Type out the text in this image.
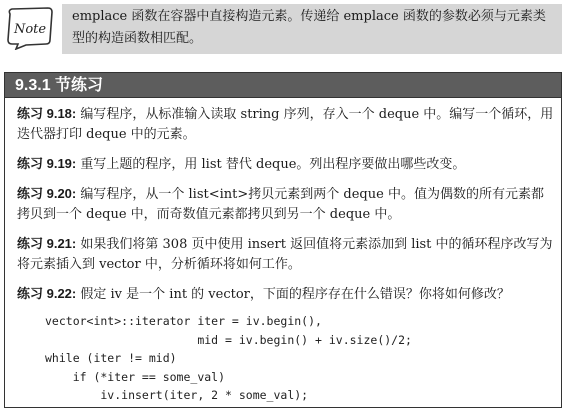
Note
emplace 函数在容器中直接构造元素。传递给 emplace 函数的参数必须与元素类型的构造函数相匹配。
9.3.1 节练习
练习 9.18: 编写程序，从标准输入读取 string 序列，存入一个 deque 中。编写一个循环，用迭代器打印 deque 中的元素。
练习 9.19: 重写上题的程序，用 list 替代 deque。列出程序要做出哪些改变。
练习 9.20: 编写程序，从一个 list<int>拷贝元素到两个 deque 中。值为偶数的所有元素都拷贝到一个 deque 中，而奇数值元素都拷贝到另一个 deque 中。
练习 9.21: 如果我们将第 308 页中使用 insert 返回值将元素添加到 list 中的循环程序改写为将元素插入到 vector 中，分析循环将如何工作。
练习 9.22: 假定 iv 是一个 int 的 vector，下面的程序存在什么错误？你将如何修改？
vector<int>::iterator iter = iv.begin(),
mid = iv.begin() + iv.size()/2;
while (iter != mid)
if (*iter == some_val)
iv.insert(iter, 2 * some_val);
